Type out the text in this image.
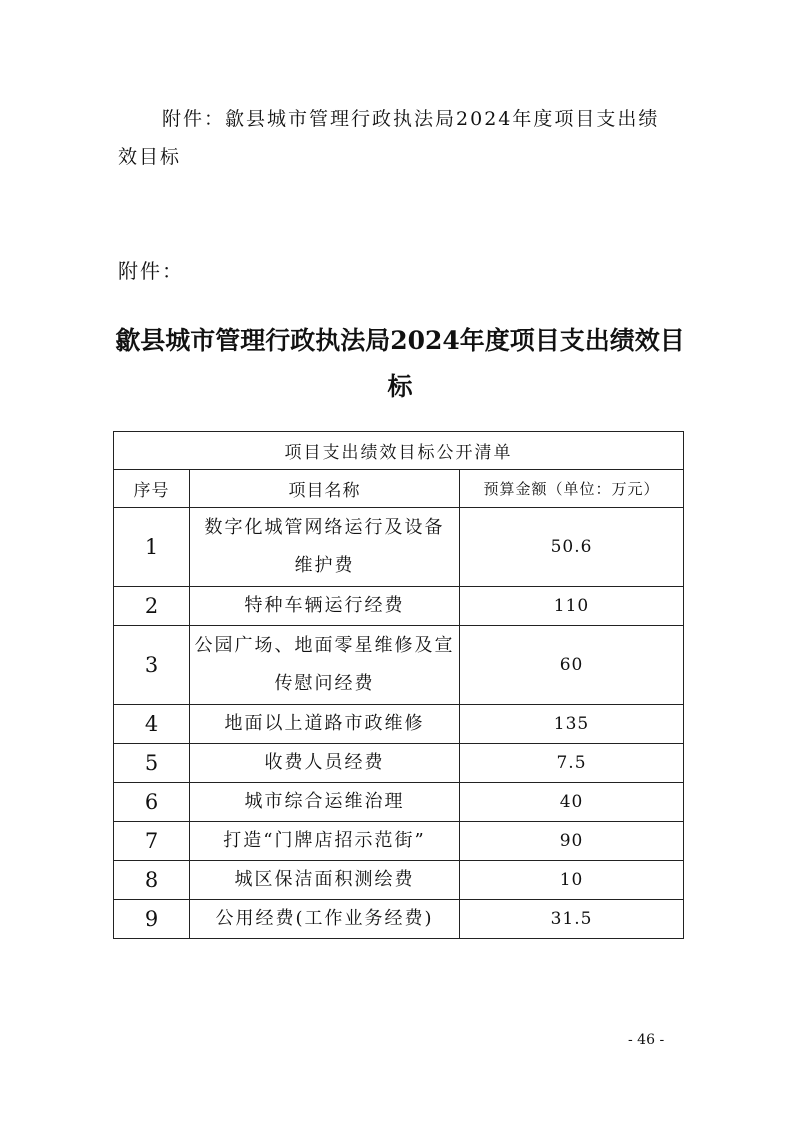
附件：歙县城市管理行政执法局2024年度项目支出绩效目标
附件：
歙县城市管理行政执法局2024年度项目支出绩效目标
项目支出绩效目标公开清单		
序号	项目名称	预算金额（单位：万元）
1	数字化城管网络运行及设备维护费	50.6
2	特种车辆运行经费	110
3	公园广场、地面零星维修及宣传慰问经费	60
4	地面以上道路市政维修	135
5	收费人员经费	7.5
6	城市综合运维治理	40
7	打造“门牌店招示范街”	90
8	城区保洁面积测绘费	10
9	公用经费(工作业务经费)	31.5
- 46 -
